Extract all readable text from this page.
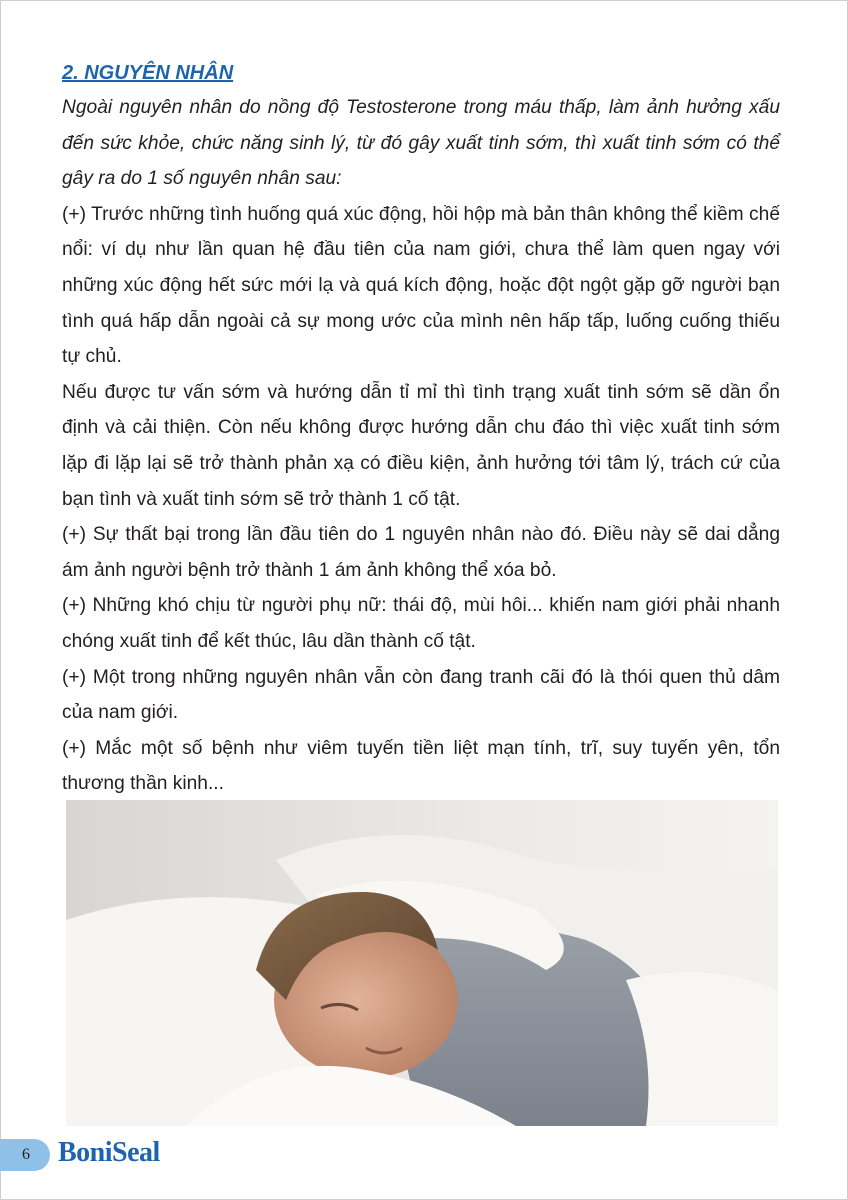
2. NGUYÊN NHÂN

Ngoài nguyên nhân do nồng độ Testosterone trong máu thấp, làm ảnh hưởng xấu đến sức khỏe, chức năng sinh lý, từ đó gây xuất tinh sớm, thì xuất tinh sớm có thể gây ra do 1 số nguyên nhân sau:

(+) Trước những tình huống quá xúc động, hồi hộp mà bản thân không thể kiềm chế nổi: ví dụ như lần quan hệ đầu tiên của nam giới, chưa thể làm quen ngay với những xúc động hết sức mới lạ và quá kích động, hoặc đột ngột gặp gỡ người bạn tình quá hấp dẫn ngoài cả sự mong ước của mình nên hấp tấp, luống cuống thiếu tự chủ.

Nếu được tư vấn sớm và hướng dẫn tỉ mỉ thì tình trạng xuất tinh sớm sẽ dần ổn định và cải thiện. Còn nếu không được hướng dẫn chu đáo thì việc xuất tinh sớm lặp đi lặp lại sẽ trở thành phản xạ có điều kiện, ảnh hưởng tới tâm lý, trách cứ của bạn tình và xuất tinh sớm sẽ trở thành 1 cố tật.

(+) Sự thất bại trong lần đầu tiên do 1 nguyên nhân nào đó. Điều này sẽ dai dẳng ám ảnh người bệnh trở thành 1 ám ảnh không thể xóa bỏ.

(+) Những khó chịu từ người phụ nữ: thái độ, mùi hôi... khiến nam giới phải nhanh chóng xuất tinh để kết thúc, lâu dần thành cố tật.

(+) Một trong những nguyên nhân vẫn còn đang tranh cãi đó là thói quen thủ dâm của nam giới.

(+) Mắc một số bệnh như viêm tuyến tiền liệt mạn tính, trĩ, suy tuyến yên, tổn thương thần kinh...

6 BoniSeal
